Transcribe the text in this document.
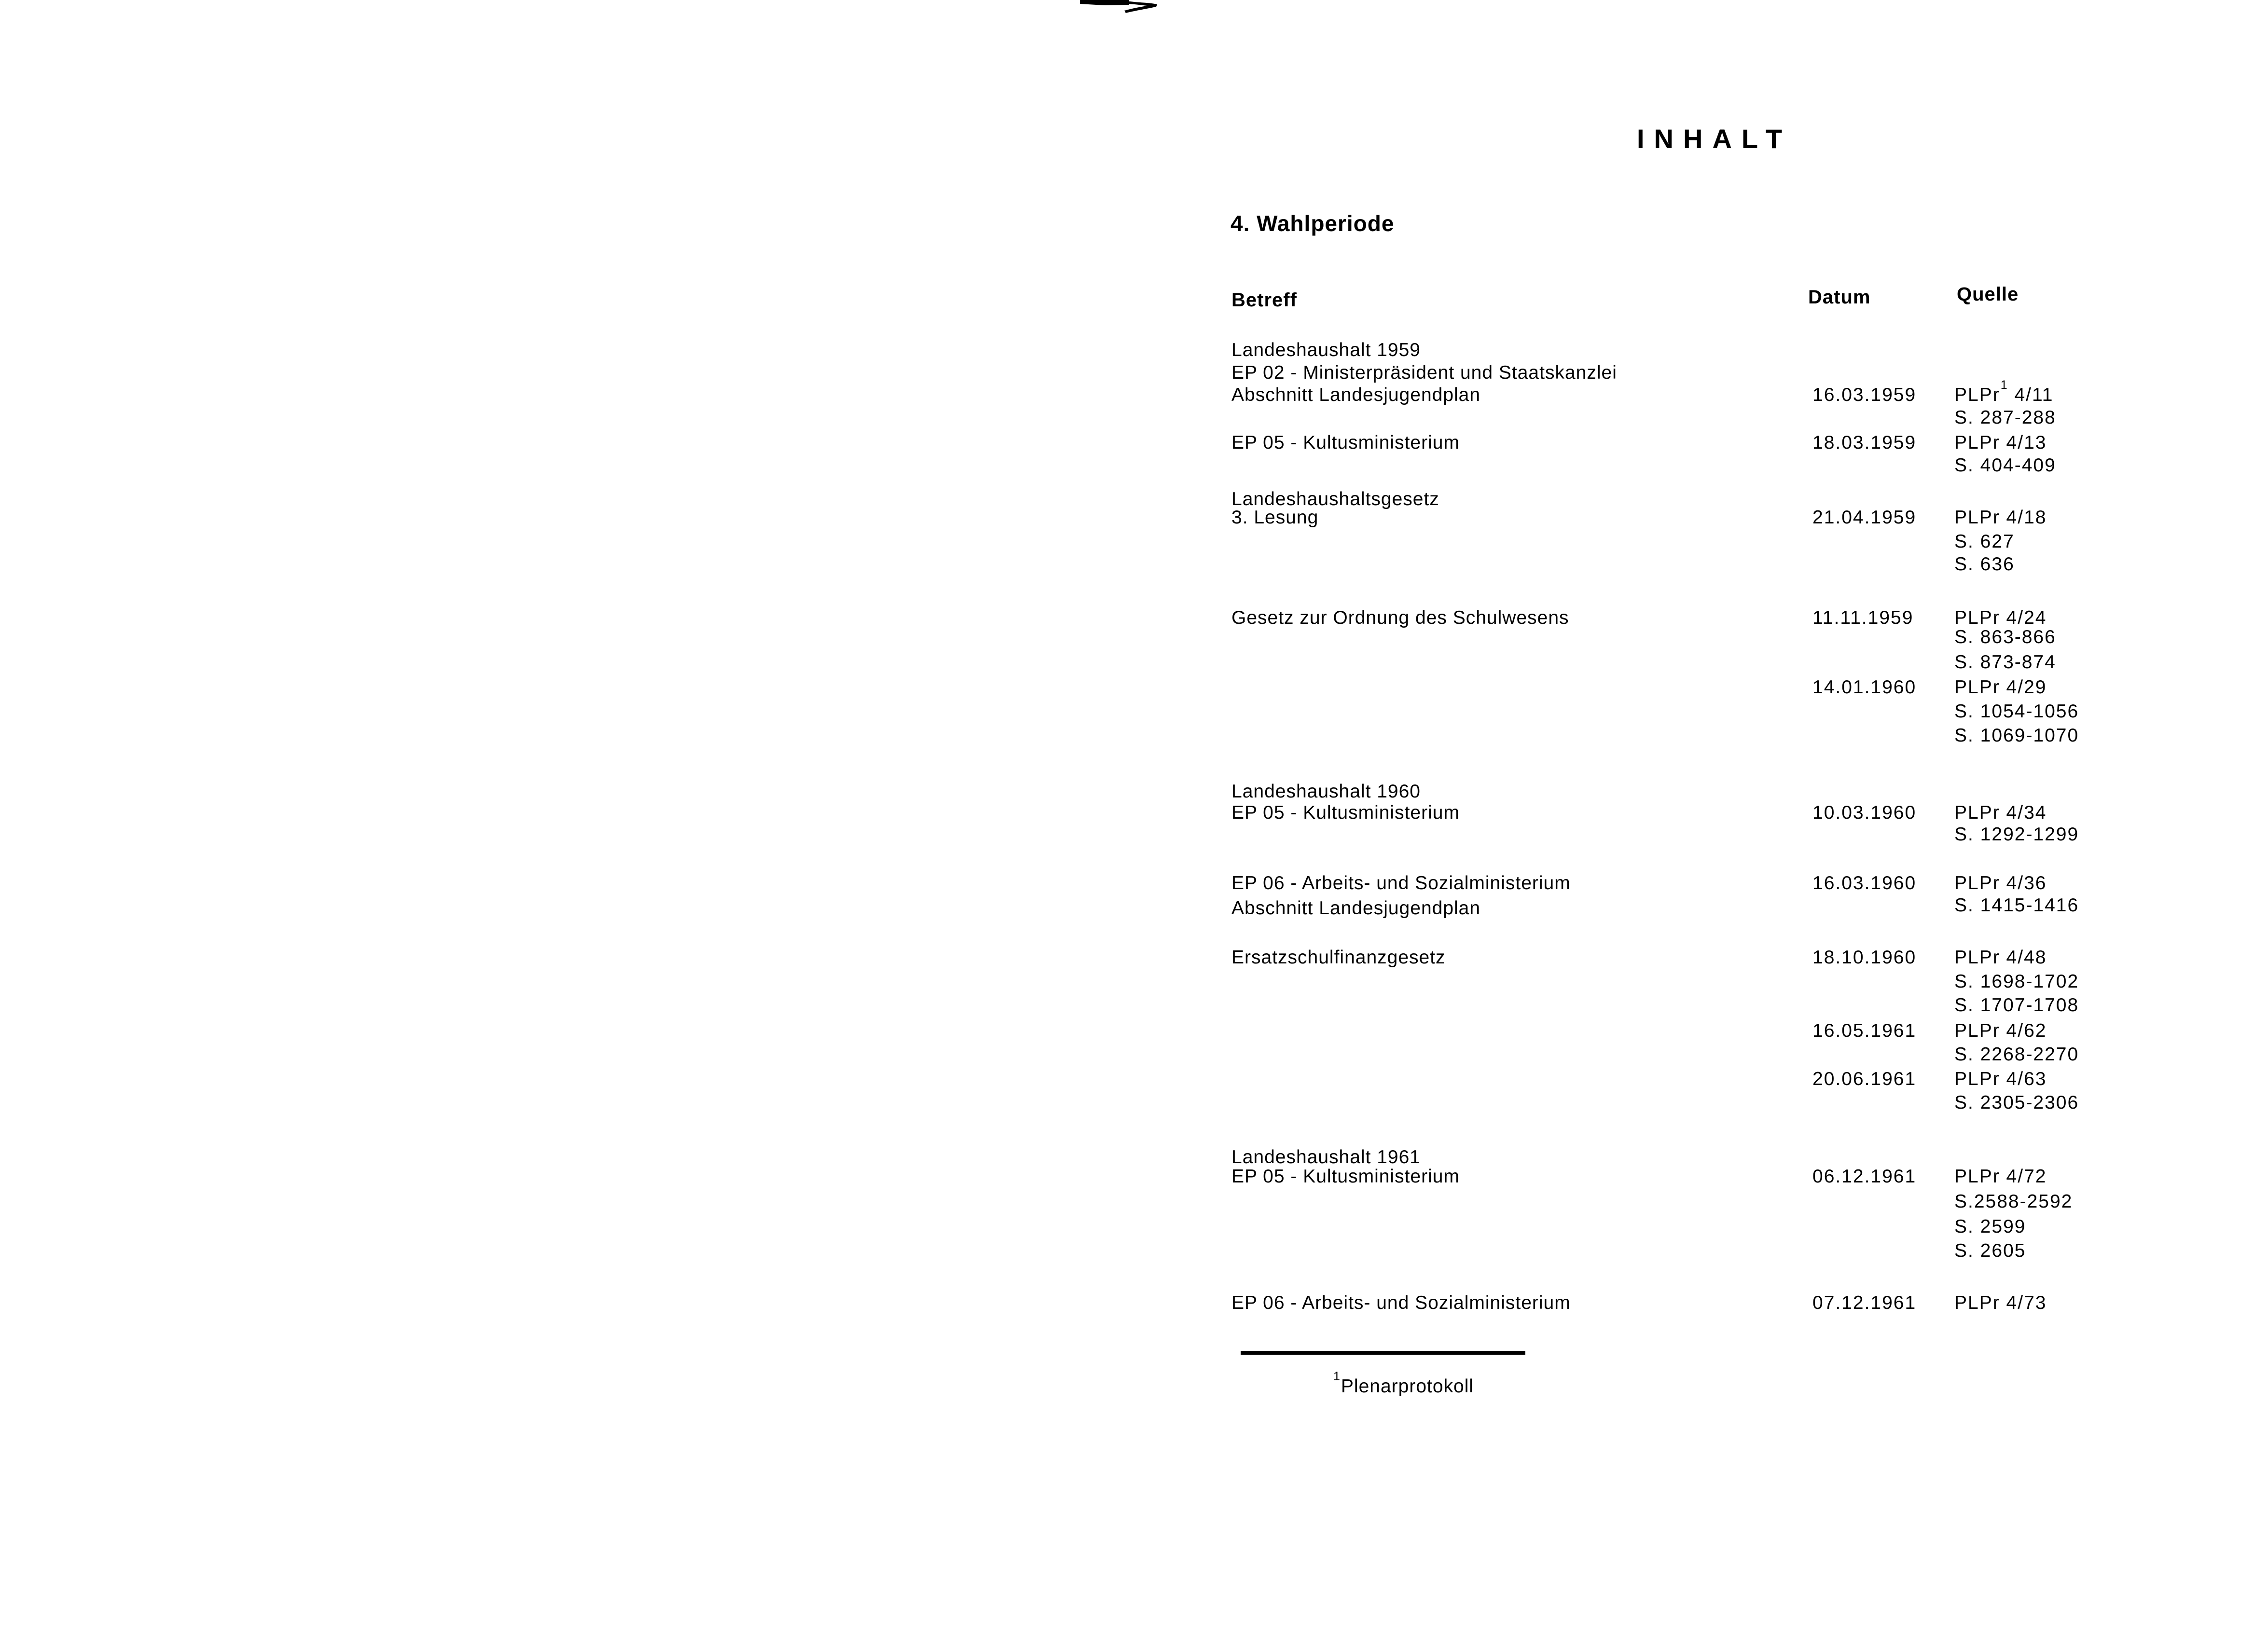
INHALT
4. Wahlperiode
Betreff	Datum	Quelle
Landeshaushalt 1959
EP 02 - Ministerpräsident und Staatskanzlei
Abschnitt Landesjugendplan	16.03.1959 PLPr$^1$ 4/11
S. 287-288
EP 05 - Kultusministerium	18.03.1959 PLPr 4/13
S. 404-409
Landeshaushaltsgesetz
3. Lesung	21.04.1959 PLPr 4/18
S. 627
S. 636
Gesetz zur Ordnung des Schulwesens	11.11.1959 PLPr 4/24
S. 863-866
S. 873-874
14.01.1960 PLPr 4/29
S. 1054-1056
S. 1069-1070
Landeshaushalt 1960
EP 05 - Kultusministerium	10.03.1960 PLPr 4/34
S. 1292-1299
EP 06 - Arbeits- und Sozialministerium	16.03.1960 PLPr 4/36
S. 1415-1416
Abschnitt Landesjugendplan
Ersatzschulfinanzgesetz	18.10.1960 PLPr 4/48
S. 1698-1702
S. 1707-1708
16.05.1961 PLPr 4/62
S. 2268-2270
20.06.1961 PLPr 4/63
S. 2305-2306
Landeshaushalt 1961
EP 05 - Kultusministerium	06.12.1961 PLPr 4/72
S.2588-2592
S. 2599
S. 2605
EP 06 - Arbeits- und Sozialministerium	07.12.1961 PLPr 4/73
$^1$Plenarprotokoll
